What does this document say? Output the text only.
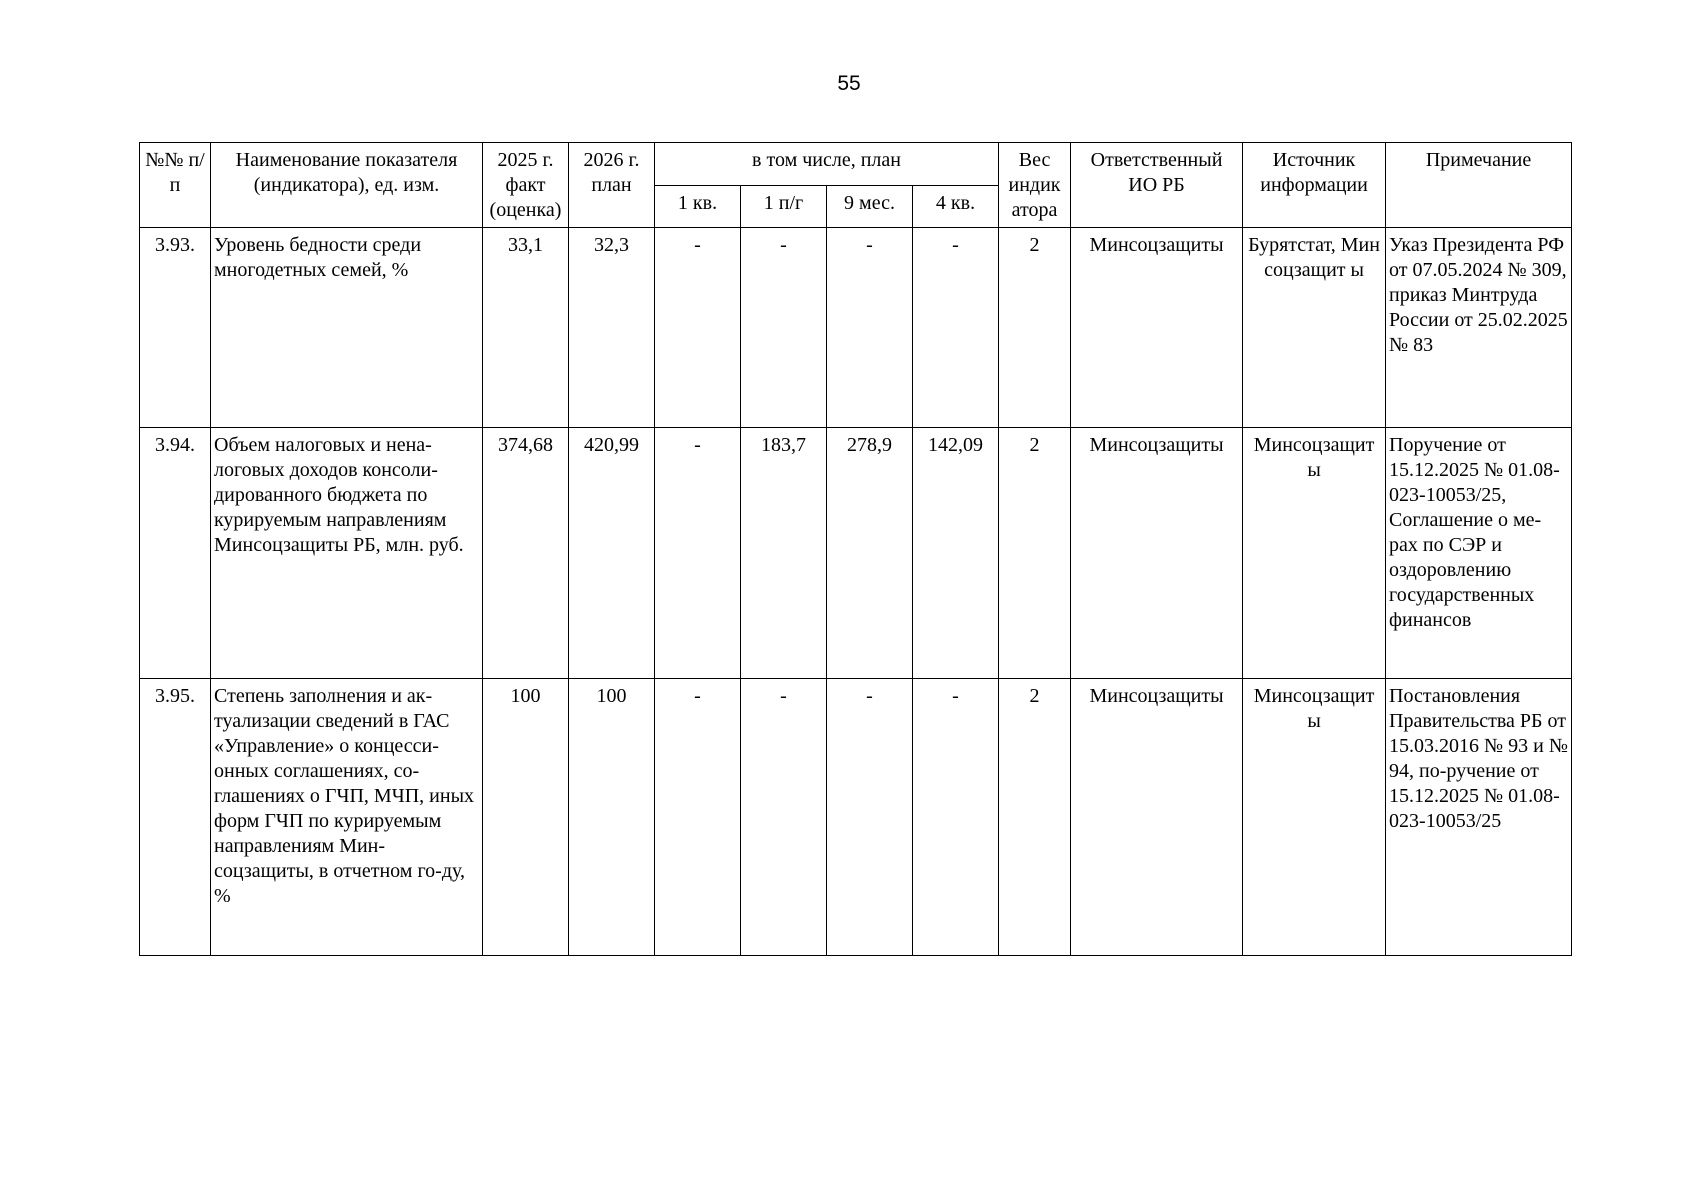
55
№№ п/п	Наименование показателя (индикатора), ед. изм.	2025 г. факт (оценка)	2026 г. план	в том числе, план				Вес индик атора	Ответственный ИО РБ	Источник информации	Примечание
				1 кв.	1 п/г	9 мес.	4 кв.				
3.93.	Уровень бедности среди многодетных семей, %	33,1	32,3	-	-	-	-	2	Минсоцзащиты	Бурятстат, Минсоцзащит ы	Указ Президента РФ от 07.05.2024 № 309, приказ Минтруда России от 25.02.2025 № 83
3.94.	Объем налоговых и нена-логовых доходов консоли-дированного бюджета по курируемым направлениям Минсоцзащиты РБ, млн. руб.	374,68	420,99	-	183,7	278,9	142,09	2	Минсоцзащиты	Минсоцзащит ы	Поручение от 15.12.2025 № 01.08-023-10053/25, Соглашение о ме-рах по СЭР и оздоровлению государственных финансов
3.95.	Степень заполнения и ак-туализации сведений в ГАС «Управление» о концесси-онных соглашениях, со-глашениях о ГЧП, МЧП, иных форм ГЧП по курируемым направлениям Мин-соцзащиты, в отчетном го-ду, %	100	100	-	-	-	-	2	Минсоцзащиты	Минсоцзащит ы	Постановления Правительства РБ от 15.03.2016 № 93 и № 94, по-ручение от 15.12.2025 № 01.08-023-10053/25
